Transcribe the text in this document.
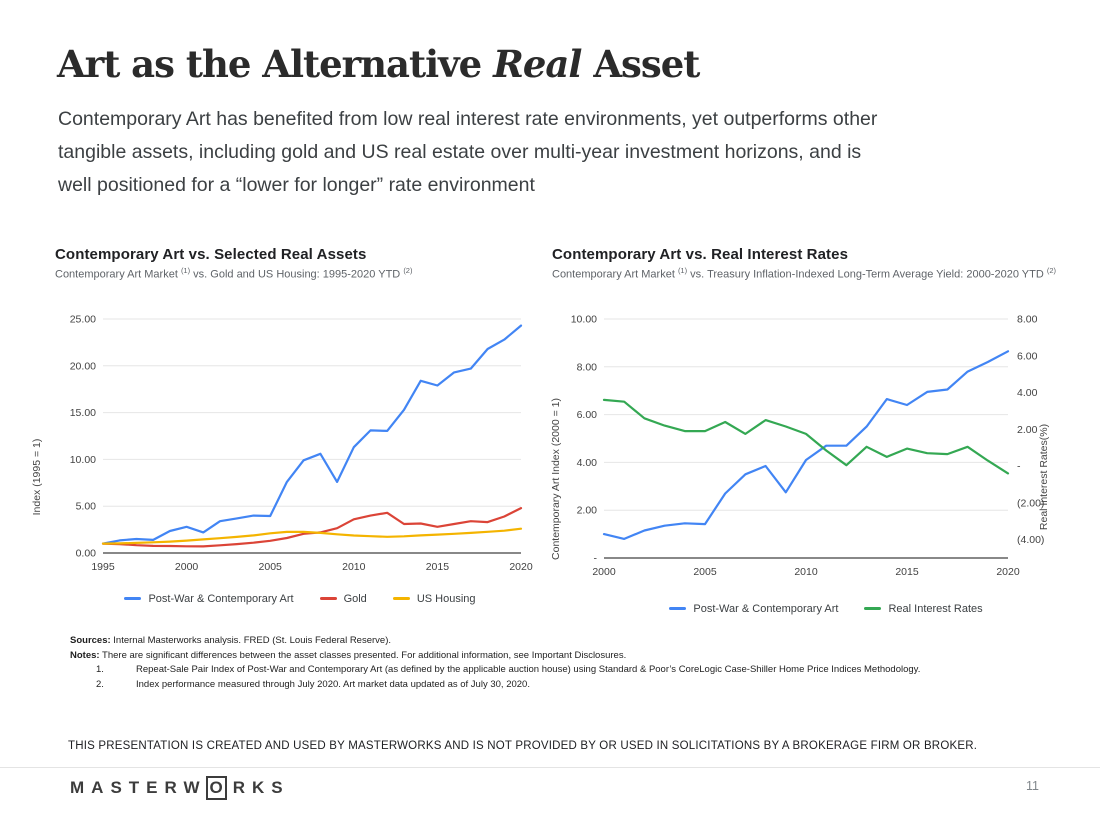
Art as the Alternative Real Asset
Contemporary Art has benefited from low real interest rate environments, yet outperforms other
tangible assets, including gold and US real estate over multi-year investment horizons, and is
well positioned for a “lower for longer” rate environment
Contemporary Art vs. Selected Real Assets
Contemporary Art Market $^{(1)}$ vs. Gold and US Housing: 1995-2020 YTD $^{(2)}$
Index (1995 = 1)
0.00
5.00
10.00
15.00
20.00
25.00
1995	2000	2005	2010	2015	2020
Post-War & Contemporary Art	Gold	US Housing
Contemporary Art vs. Real Interest Rates
Contemporary Art Market $^{(1)}$ vs. Treasury Inflation-Indexed Long-Term Average Yield: 2000-2020 YTD $^{(2)}$
Contemporary Art Index (2000 = 1)	Real Interest Rates(%)
-
2.00
4.00
6.00
8.00
10.00
(4.00)
(2.00)
-
2.00
4.00
6.00
8.00
2000	2005	2010	2015	2020
Post-War & Contemporary Art	Real Interest Rates
Sources: Internal Masterworks analysis. FRED (St. Louis Federal Reserve).
Notes: There are significant differences between the asset classes presented. For additional information, see Important Disclosures.
1.	Repeat-Sale Pair Index of Post-War and Contemporary Art (as defined by the applicable auction house) using Standard & Poor’s CoreLogic Case-Shiller Home Price Indices Methodology.
2.	Index performance measured through July 2020. Art market data updated as of July 30, 2020.
THIS PRESENTATION IS CREATED AND USED BY MASTERWORKS AND IS NOT PROVIDED BY OR USED IN SOLICITATIONS BY A BROKERAGE FIRM OR BROKER.
MASTERW O RKS	11
